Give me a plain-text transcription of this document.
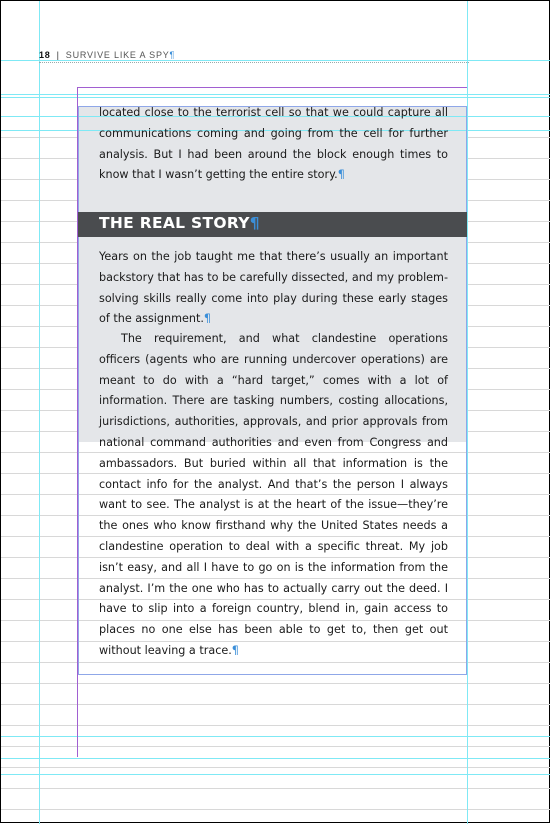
18 | SURVIVE LIKE A SPY¶

located close to the terrorist cell so that we could capture all communications coming and going from the cell for further analysis. But I had been around the block enough times to know that I wasn’t getting the entire story.¶

THE REAL STORY¶

Years on the job taught me that there’s usually an important backstory that has to be carefully dissected, and my problem-solving skills really come into play during these early stages of the assignment.¶

The requirement, and what clandestine operations officers (agents who are running undercover operations) are meant to do with a “hard target,” comes with a lot of information. There are tasking numbers, costing allocations, jurisdictions, authorities, approvals, and prior approvals from national command authorities and even from Congress and ambassadors. But buried within all that information is the contact info for the analyst. And that’s the person I always want to see. The analyst is at the heart of the issue—they’re the ones who know firsthand why the United States needs a clandestine operation to deal with a specific threat. My job isn’t easy, and all I have to go on is the information from the analyst. I’m the one who has to actually carry out the deed. I have to slip into a foreign country, blend in, gain access to places no one else has been able to get to, then get out without leaving a trace.¶
